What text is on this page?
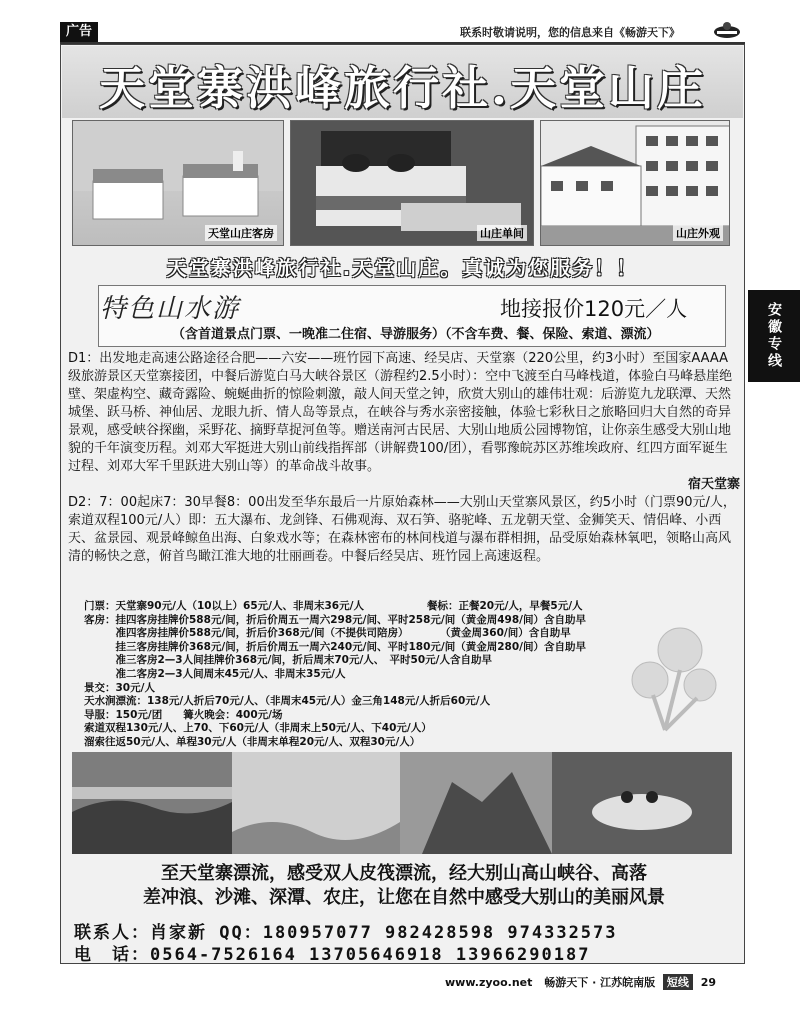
广告	联系时敬请说明，您的信息来自《畅游天下》
天堂寨洪峰旅行社.天堂山庄
天堂山庄客房	山庄单间	山庄外观
天堂寨洪峰旅行社.天堂山庄。真诚为您服务！！
安徽专线
特色山水游	地接报价120元／人
（含首道景点门票、一晚准二住宿、导游服务）（不含车费、餐、保险、索道、漂流）

D1：出发地走高速公路途径合肥——六安——班竹园下高速、经吴店、天堂寨（220公里，约3小时）至国家AAAA级旅游景区天堂寨接团，中餐后游览白马大峡谷景区（游程约2.5小时）：空中飞渡至白马峰栈道，体验白马峰悬崖绝壁、架虚构空、藏奇露险、蜿蜒曲折的惊险刺激，敲人间天堂之钟，欣赏大别山的雄伟壮观：后游览九龙联潭、天然城堡、跃马桥、神仙居、龙眼九折、情人岛等景点，在峡谷与秀水亲密接触，体验七彩秋日之旅略回归大自然的奇异景观，感受峡谷探幽，采野花、摘野草捉河鱼等。赠送南河古民居、大别山地质公园博物馆，让你亲生感受大别山地貌的千年演变历程。刘邓大军挺进大别山前线指挥部（讲解费100/团），看鄂豫皖苏区苏维埃政府、红四方面军诞生过程、刘邓大军千里跃进大别山等）的革命战斗故事。

宿天堂寨

D2：7：00起床7：30早餐8：00出发至华东最后一片原始森林——大别山天堂寨风景区，约5小时（门票90元/人，索道双程100元/人）即：五大瀑布、龙剑锋、石佛观海、双石笋、骆驼峰、五龙朝天堂、金狮笑天、情侣峰、小西天、盆景园、观景峰鲸鱼出海、白象戏水等；在森林密布的林间栈道与瀑布群相拥，品受原始森林氧吧，领略山高风清的畅快之意，俯首鸟瞰江淮大地的壮丽画卷。中餐后经吴店、班竹园上高速返程。

门票：天堂寨90元/人（10以上）65元/人、非周末36元/人　　　　　　餐标：正餐20元/人，早餐5元/人
客房：挂四客房挂牌价588元/间，折后价周五一周六298元/间、平时258元/间（黄金周498/间）含自助早
　　　准四客房挂牌价588元/间，折后价368元/间（不提供司陪房）　　　　（黄金周360/间）含自助早
　　　挂三客房挂牌价368元/间，折后价周五一周六240元/间、平时180元/间（黄金周280/间）含自助早
　　　准三客房2—3人间挂牌价368元/间，折后周末70元/人、　平时50元/人含自助早
　　　准二客房2—3人间周末45元/人、非周末35元/人
景交：30元/人
天水涧漂流：138元/人折后70元/人、（非周末45元/人）金三角148元/人折后60元/人
导服：150元/团　　篝火晚会：400元/场
索道双程130元/人、上70、下60元/人（非周末上50元/人、下40元/人）
溜索往返50元/人、单程30元/人（非周末单程20元/人、双程30元/人）
至天堂寨漂流，感受双人皮筏漂流，经大别山高山峡谷、高落
差冲浪、沙滩、深潭、农庄，让您在自然中感受大别山的美丽风景
联系人：肖家新 QQ：180957077 982428598 974332573
电　话：0564-7526164 13705646918 13966290187
www.zyoo.net 畅游天下 · 江苏皖南版 短线 29
